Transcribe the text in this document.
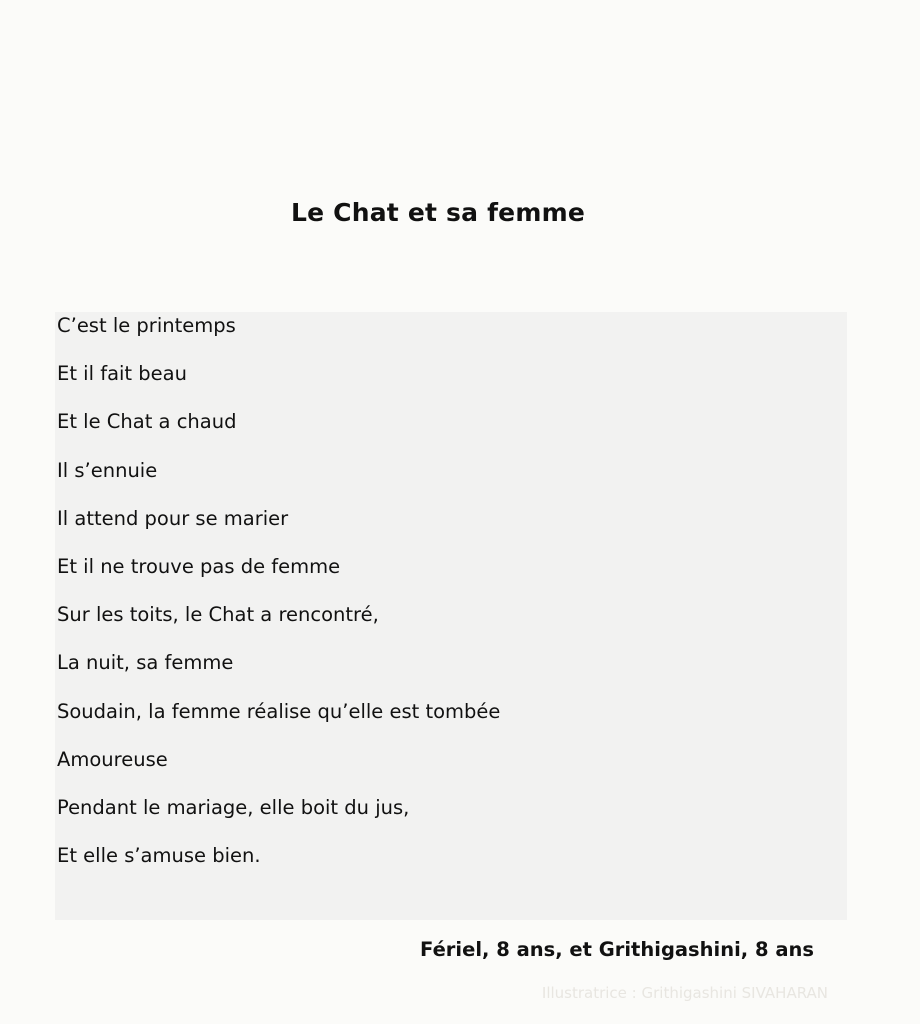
Le Chat et sa femme
C’est le printemps
Et il fait beau
Et le Chat a chaud
Il s’ennuie
Il attend pour se marier
Et il ne trouve pas de femme
Sur les toits, le Chat a rencontré,
La nuit, sa femme
Soudain, la femme réalise qu’elle est tombée
Amoureuse
Pendant le mariage, elle boit du jus,
Et elle s’amuse bien.
Fériel, 8 ans, et Grithigashini, 8 ans
Illustratrice : Grithigashini SIVAHARAN
